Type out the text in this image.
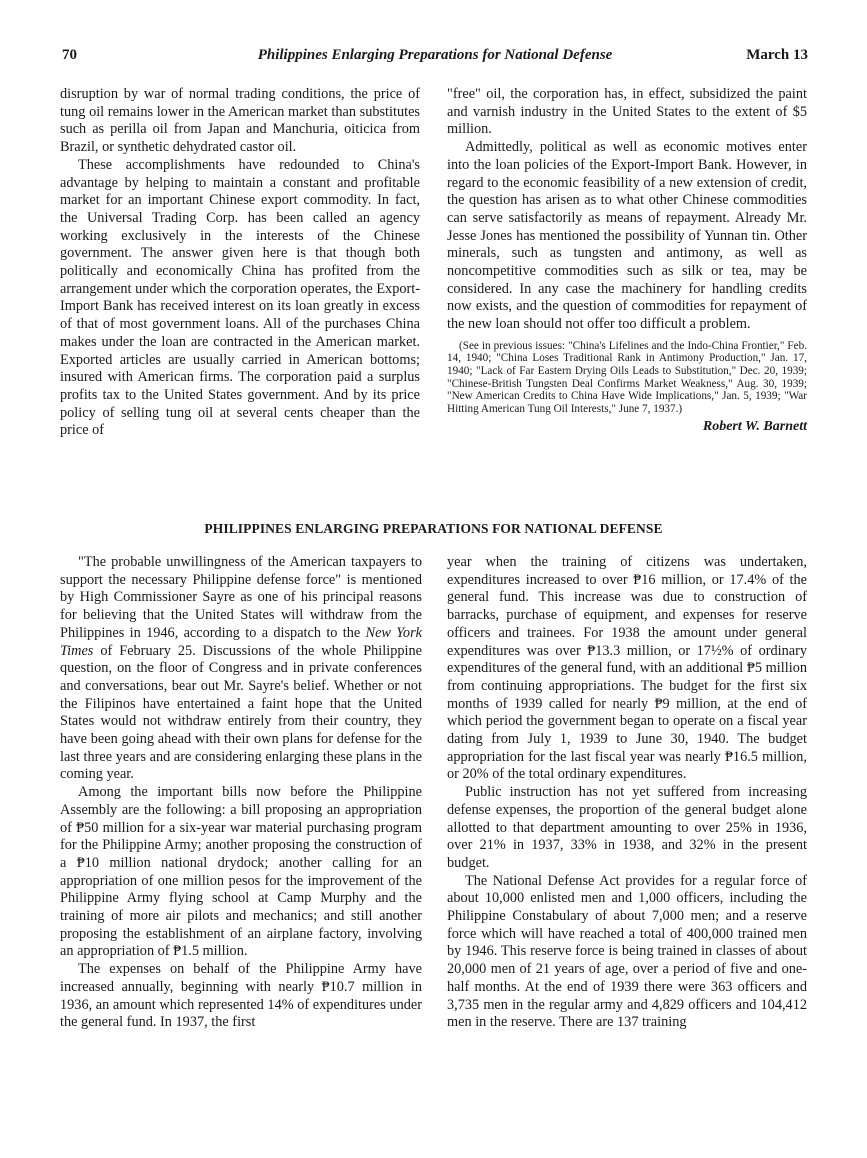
70	Philippines Enlarging Preparations for National Defense	March 13

disruption by war of normal trading conditions, the price of tung oil remains lower in the American market than substitutes such as perilla oil from Japan and Manchuria, oiticica from Brazil, or synthetic dehydrated castor oil.

These accomplishments have redounded to China's advantage by helping to maintain a constant and profitable market for an important Chinese export commodity. In fact, the Universal Trading Corp. has been called an agency working exclusively in the interests of the Chinese government. The answer given here is that though both politically and economically China has profited from the arrangement under which the corporation operates, the Export-Import Bank has received interest on its loan greatly in excess of that of most government loans. All of the purchases China makes under the loan are contracted in the American market. Exported articles are usually carried in American bottoms; insured with American firms. The corporation paid a surplus profits tax to the United States government. And by its price policy of selling tung oil at several cents cheaper than the price of

"free" oil, the corporation has, in effect, subsidized the paint and varnish industry in the United States to the extent of $5 million.

Admittedly, political as well as economic motives enter into the loan policies of the Export-Import Bank. However, in regard to the economic feasibility of a new extension of credit, the question has arisen as to what other Chinese commodities can serve satisfactorily as means of repayment. Already Mr. Jesse Jones has mentioned the possibility of Yunnan tin. Other minerals, such as tungsten and antimony, as well as noncompetitive commodities such as silk or tea, may be considered. In any case the machinery for handling credits now exists, and the question of commodities for repayment of the new loan should not offer too difficult a problem.

(See in previous issues: "China's Lifelines and the Indo-China Frontier," Feb. 14, 1940; "China Loses Traditional Rank in Antimony Production," Jan. 17, 1940; "Lack of Far Eastern Drying Oils Leads to Substitution," Dec. 20, 1939; "Chinese-British Tungsten Deal Confirms Market Weakness," Aug. 30, 1939; "New American Credits to China Have Wide Implications," Jan. 5, 1939; "War Hitting American Tung Oil Interests," June 7, 1937.)
Robert W. Barnett
PHILIPPINES ENLARGING PREPARATIONS FOR NATIONAL DEFENSE

"The probable unwillingness of the American taxpayers to support the necessary Philippine defense force" is mentioned by High Commissioner Sayre as one of his principal reasons for believing that the United States will withdraw from the Philippines in 1946, according to a dispatch to the New York Times of February 25. Discussions of the whole Philippine question, on the floor of Congress and in private conferences and conversations, bear out Mr. Sayre's belief. Whether or not the Filipinos have entertained a faint hope that the United States would not withdraw entirely from their country, they have been going ahead with their own plans for defense for the last three years and are considering enlarging these plans in the coming year.

Among the important bills now before the Philippine Assembly are the following: a bill proposing an appropriation of ₱50 million for a six-year war material purchasing program for the Philippine Army; another proposing the construction of a ₱10 million national drydock; another calling for an appropriation of one million pesos for the improvement of the Philippine Army flying school at Camp Murphy and the training of more air pilots and mechanics; and still another proposing the establishment of an airplane factory, involving an appropriation of ₱1.5 million.

The expenses on behalf of the Philippine Army have increased annually, beginning with nearly ₱10.7 million in 1936, an amount which represented 14% of expenditures under the general fund. In 1937, the first

year when the training of citizens was undertaken, expenditures increased to over ₱16 million, or 17.4% of the general fund. This increase was due to construction of barracks, purchase of equipment, and expenses for reserve officers and trainees. For 1938 the amount under general expenditures was over ₱13.3 million, or 17½% of ordinary expenditures of the general fund, with an additional ₱5 million from continuing appropriations. The budget for the first six months of 1939 called for nearly ₱9 million, at the end of which period the government began to operate on a fiscal year dating from July 1, 1939 to June 30, 1940. The budget appropriation for the last fiscal year was nearly ₱16.5 million, or 20% of the total ordinary expenditures.

Public instruction has not yet suffered from increasing defense expenses, the proportion of the general budget alone allotted to that department amounting to over 25% in 1936, over 21% in 1937, 33% in 1938, and 32% in the present budget.

The National Defense Act provides for a regular force of about 10,000 enlisted men and 1,000 officers, including the Philippine Constabulary of about 7,000 men; and a reserve force which will have reached a total of 400,000 trained men by 1946. This reserve force is being trained in classes of about 20,000 men of 21 years of age, over a period of five and one-half months. At the end of 1939 there were 363 officers and 3,735 men in the regular army and 4,829 officers and 104,412 men in the reserve. There are 137 training
